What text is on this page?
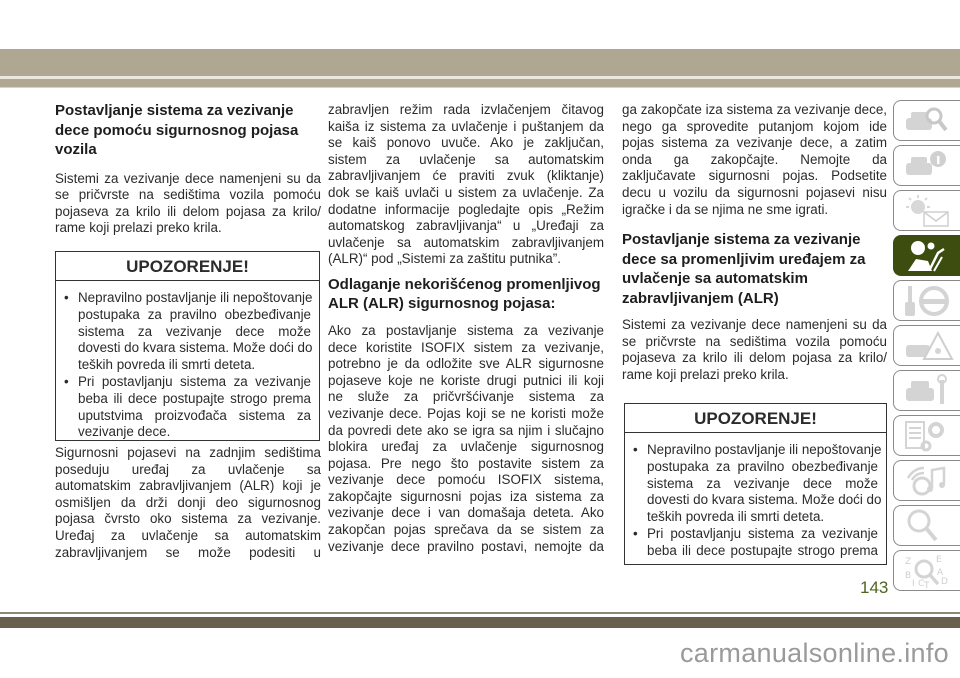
Postavljanje sistema za vezivanje
dece pomoću sigurnosnog pojasa
vozila
Sistemi za vezivanje dece namenjeni su da
se pričvrste na sedištima vozila pomoću
pojaseva za krilo ili delom pojasa za krilo/
rame koji prelazi preko krila.
UPOZORENJE!
• Nepravilno postavljanje ili nepoštovanje
postupaka za pravilno obezbeđivanje
sistema za vezivanje dece može
dovesti do kvara sistema. Može doći do
teških povreda ili smrti deteta.
• Pri postavljanju sistema za vezivanje
beba ili dece postupajte strogo prema
uputstvima proizvođača sistema za
vezivanje dece.
Sigurnosni pojasevi na zadnjim sedištima
poseduju uređaj za uvlačenje sa
automatskim zabravljivanjem (ALR) koji je
osmišljen da drži donji deo sigurnosnog
pojasa čvrsto oko sistema za vezivanje.
Uređaj za uvlačenje sa automatskim
zabravljivanjem se može podesiti u
zabravljen režim rada izvlačenjem čitavog
kaiša iz sistema za uvlačenje i puštanjem da
se kaiš ponovo uvuče. Ako je zaključan,
sistem za uvlačenje sa automatskim
zabravljivanjem će praviti zvuk (kliktanje)
dok se kaiš uvlači u sistem za uvlačenje. Za
dodatne informacije pogledajte opis „Režim
automatskog zabravljivanja“ u „Uređaji za
uvlačenje sa automatskim zabravljivanjem
(ALR)“ pod „Sistemi za zaštitu putnika”.
Odlaganje nekorišćenog promenljivog
ALR (ALR) sigurnosnog pojasa:
Ako za postavljanje sistema za vezivanje
dece koristite ISOFIX sistem za vezivanje,
potrebno je da odložite sve ALR sigurnosne
pojaseve koje ne koriste drugi putnici ili koji
ne služe za pričvršćivanje sistema za
vezivanje dece. Pojas koji se ne koristi može
da povredi dete ako se igra sa njim i slučajno
blokira uređaj za uvlačenje sigurnosnog
pojasa. Pre nego što postavite sistem za
vezivanje dece pomoću ISOFIX sistema,
zakopčajte sigurnosni pojas iza sistema za
vezivanje dece i van domašaja deteta. Ako
zakopčan pojas sprečava da se sistem za
vezivanje dece pravilno postavi, nemojte da
ga zakopčate iza sistema za vezivanje dece,
nego ga sprovedite putanjom kojom ide
pojas sistema za vezivanje dece, a zatim
onda ga zakopčajte. Nemojte da
zaključavate sigurnosni pojas. Podsetite
decu u vozilu da sigurnosni pojasevi nisu
igračke i da se njima ne sme igrati.
Postavljanje sistema za vezivanje
dece sa promenljivim uređajem za
uvlačenje sa automatskim
zabravljivanjem (ALR)
Sistemi za vezivanje dece namenjeni su da
se pričvrste na sedištima vozila pomoću
pojaseva za krilo ili delom pojasa za krilo/
rame koji prelazi preko krila.
UPOZORENJE!
• Nepravilno postavljanje ili nepoštovanje
postupaka za pravilno obezbeđivanje
sistema za vezivanje dece može
dovesti do kvara sistema. Može doći do
teških povreda ili smrti deteta.
• Pri postavljanju sistema za vezivanje
beba ili dece postupajte strogo prema
143
Z	E
B	A
I C T D
carmanualsonline.info
